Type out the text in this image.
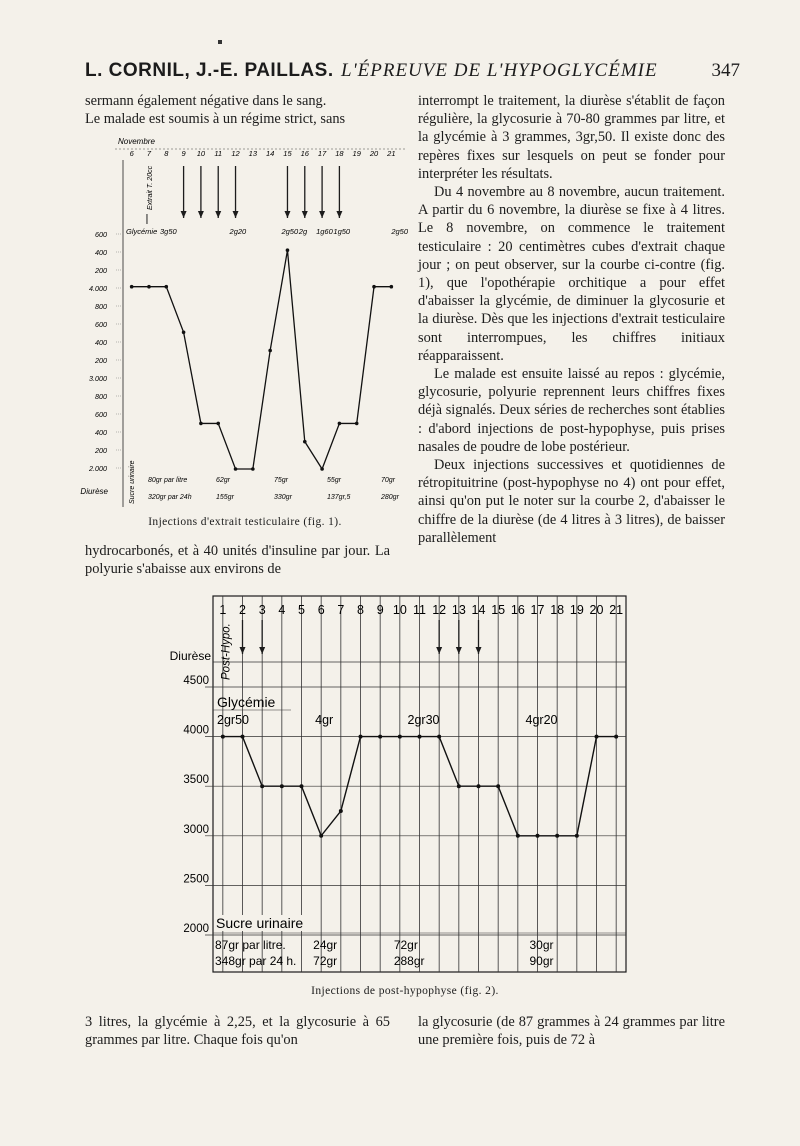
L. CORNIL, J.-E. PAILLAS. L'ÉPREUVE DE L'HYPOGLYCÉMIE	347

sermann également négative dans le sang.

Le malade est soumis à un régime strict, sans

interrompt le traitement, la diurèse s'établit de façon régulière, la glycosurie à 70-80 grammes par litre, et la glycémie à 3 grammes, 3gr,50. Il existe donc des repères fixes sur lesquels on peut se fonder pour interpréter les résultats.

Du 4 novembre au 8 novembre, aucun traitement. A partir du 6 novembre, la diurèse se fixe à 4 litres. Le 8 novembre, on commence le traitement testiculaire : 20 centimètres cubes d'extrait chaque jour ; on peut observer, sur la courbe ci-contre (fig. 1), que l'opothérapie orchitique a pour effet d'abaisser la glycémie, de diminuer la glycosurie et la diurèse. Dès que les injections d'extrait testiculaire sont interrompues, les chiffres initiaux réapparaissent.

Le malade est ensuite laissé au repos : glycémie, glycosurie, polyurie reprennent leurs chiffres fixes déjà signalés. Deux séries de recherches sont établies : d'abord injections de post-hypophyse, puis prises nasales de poudre de lobe postérieur.

Deux injections successives et quotidiennes de rétropituitrine (post-hypophyse no 4) ont pour effet, ainsi qu'on put le noter sur la courbe 2, d'abaisser le chiffre de la diurèse (de 4 litres à 3 litres), de baisser parallèlement

Novembre
6 7 8 9 10 11 12 13 14 15 16 17 18 19 20 21
Extrait T. 20cc
Glycémie 3g50	2g20	2g50 2g 1g60 1g50	2g50
600
400
200
4.000
800
600
400
200
3.000
800
600
400
200
2.000
Diurèse	Sucre urinaire 80gr par litre	62gr	75gr	55gr	70gr
320gr par 24h	155gr	330gr	137gr,5	280gr
Injections d'extrait testiculaire (fig. 1).

hydrocarbonés, et à 40 unités d'insuline par jour. La polyurie s'abaisse aux environs de

2000
2500
3000
3500
4000
4500
1 2 3 4 5 6 7 8 9 10 11 12 13 14 15 16 17 18 19 20 21
Diurèse Post-Hypo.
Glycémie
2gr50	4gr	2gr30	4gr20
Sucre urinaire
87gr par litre. 24gr	72gr	30gr
348gr par 24 h. 72gr	288gr	90gr
Injections de post-hypophyse (fig. 2).

3 litres, la glycémie à 2,25, et la glycosurie à 65 grammes par litre. Chaque fois qu'on

la glycosurie (de 87 grammes à 24 grammes par litre une première fois, puis de 72 à
